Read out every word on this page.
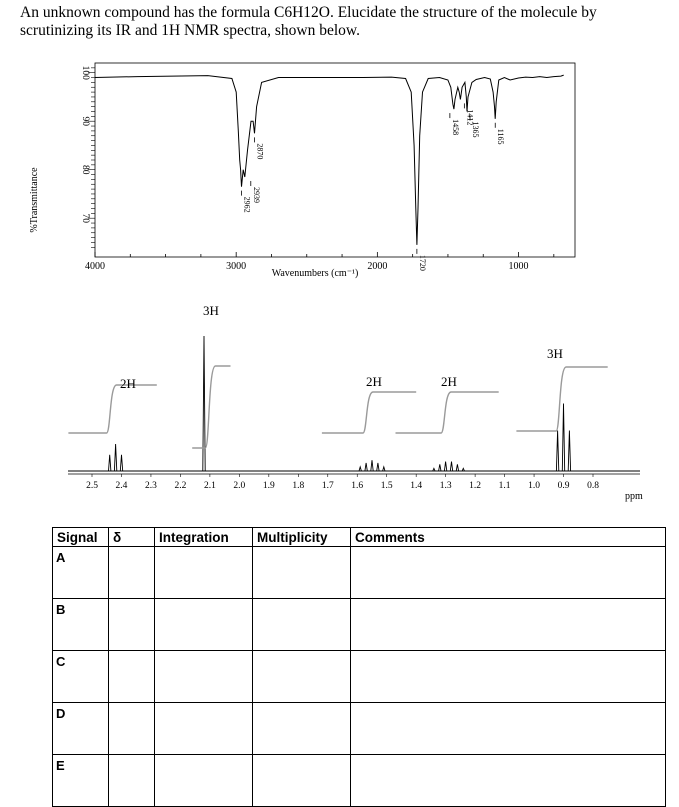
An unknown compound has the formula C6H12O. Elucidate the structure of the molecule by scrutinizing its IR and 1H NMR spectra, shown below.
%Transmittance
4000	3000	2000	1000
100
90
80
70
2962
2939
2870
1720
1458
1412
1365 1165
Wavenumbers (cm⁻¹)
2.5 2.4 2.3 2.2 2.1 2.0 1.9 1.8 1.7 1.6 1.5 1.4 1.3 1.2 1.1 1.0 0.9 0.8
2H
3H
2H	2H
3H
ppm
Signal	δ	Integration	Multiplicity	Comments
A				
B				
C				
D				
E				
